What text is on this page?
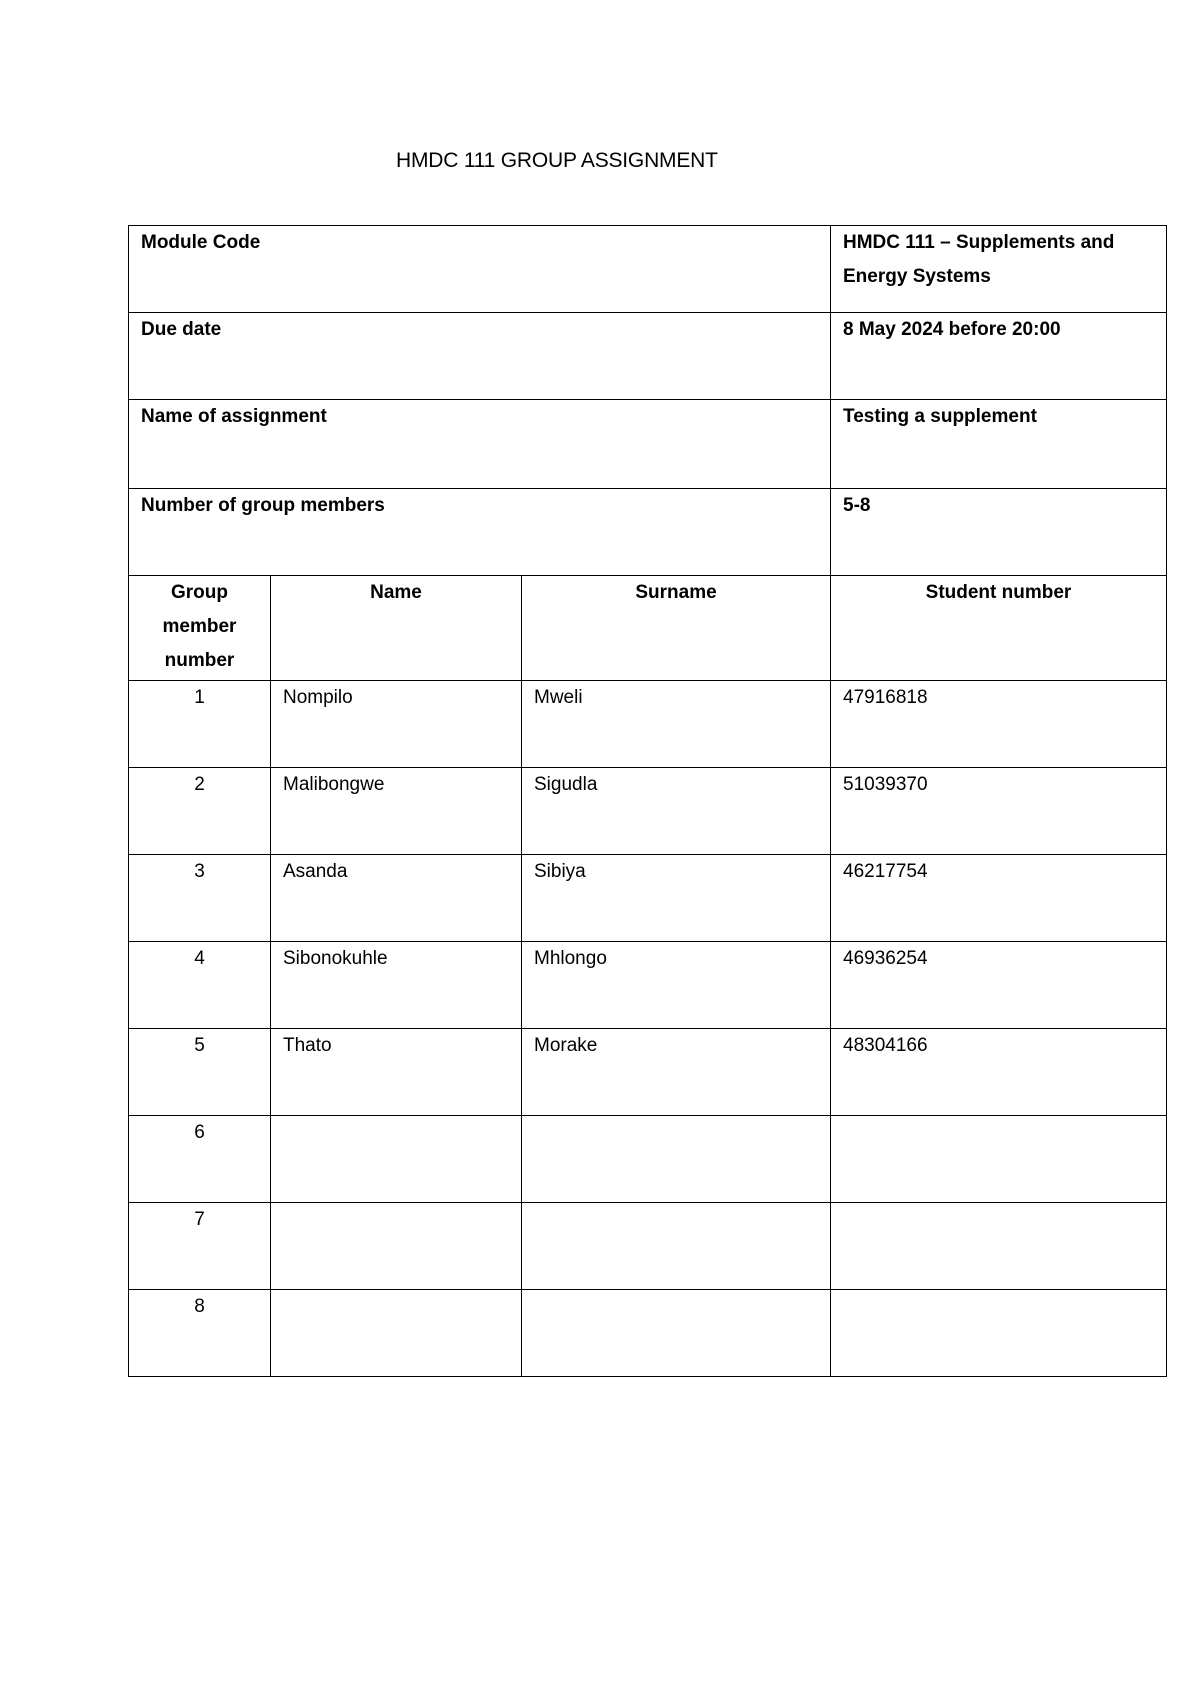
HMDC 111 GROUP ASSIGNMENT
Module Code			HMDC 111 – Supplements and Energy Systems
Due date			8 May 2024 before 20:00
Name of assignment			Testing a supplement
Number of group members			5-8

Group
member
number	Name	Surname	Student number
1	Nompilo	Mweli	47916818
2	Malibongwe	Sigudla	51039370
3	Asanda	Sibiya	46217754
4	Sibonokuhle	Mhlongo	46936254
5	Thato	Morake	48304166
6			
7			
8			
